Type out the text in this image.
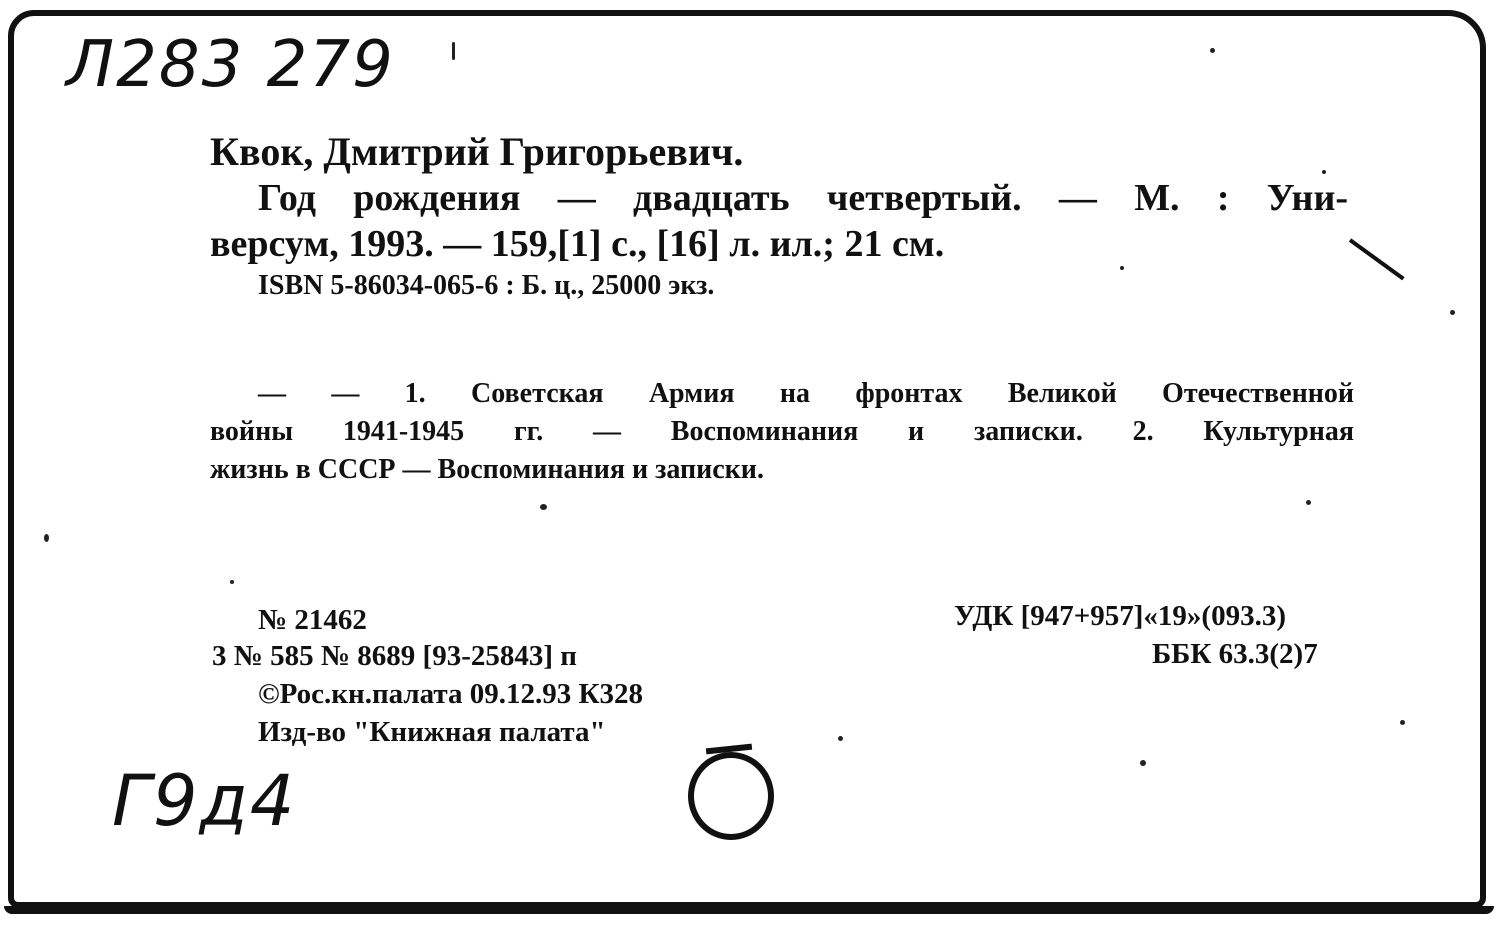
Л283 279
Квок, Дмитрий Григорьевич.
Год рождения — двадцать четвертый. — М. : Уни-
версум, 1993. — 159,[1] с., [16] л. ил.; 21 см.
ISBN 5-86034-065-6 : Б. ц., 25000 экз.
— — 1. Советская Армия на фронтах Великой Отечественной
войны 1941-1945 гг. — Воспоминания и записки. 2. Культурная
жизнь в СССР — Воспоминания и записки.
№ 21462
3 № 585 № 8689 [93-25843] п
©Рос.кн.палата 09.12.93 К328
Изд-во "Книжная палата"
УДК [947+957]«19»(093.3)
ББК 63.3(2)7
Г9д4
